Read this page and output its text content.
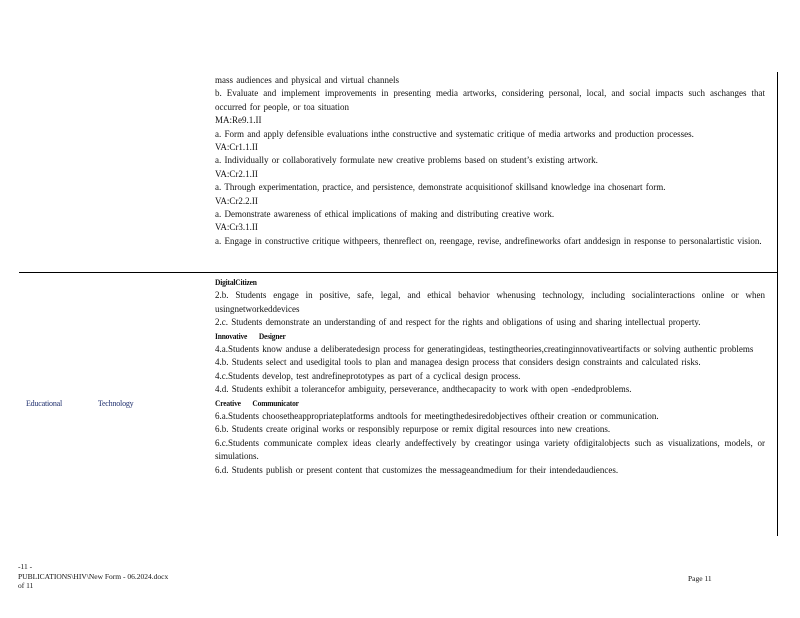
mass audiences and physical and virtual channels

b. Evaluate and implement improvements in presenting media artworks, considering personal, local, and social impacts such aschanges that occurred for people, or toa situation

MA:Re9.1.II

a. Form and apply defensible evaluations inthe constructive and systematic critique of media artworks and production processes.

VA:Cr1.1.II

a. Individually or collaboratively formulate new creative problems based on student’s existing artwork.

VA:Cr2.1.II

a. Through experimentation, practice, and persistence, demonstrate acquisitionof skillsand knowledge ina chosenart form.

VA:Cr2.2.II

a. Demonstrate awareness of ethical implications of making and distributing creative work.

VA:Cr3.1.II

a. Engage in constructive critique withpeers, thenreflect on, reengage, revise, andrefineworks ofart anddesign in response to personalartistic vision.

Educational	Technology

DigitalCitizen

2.b. Students engage in positive, safe, legal, and ethical behavior whenusing technology, including socialinteractions online or when usingnetworkeddevices

2.c. Students demonstrate an understanding of and respect for the rights and obligations of using and sharing intellectual property.

Innovative Designer

4.a.Students know anduse a deliberatedesign process for generatingideas, testingtheories,creatinginnovativeartifacts or solving authentic problems

4.b. Students select and usedigital tools to plan and managea design process that considers design constraints and calculated risks.

4.c.Students develop, test andrefineprototypes as part of a cyclical design process.

4.d. Students exhibit a tolerancefor ambiguity, perseverance, andthecapacity to work with open -endedproblems.

Creative Communicator

6.a.Students choosetheappropriateplatforms andtools for meetingthedesiredobjectives oftheir creation or communication.

6.b. Students create original works or responsibly repurpose or remix digital resources into new creations.

6.c.Students communicate complex ideas clearly andeffectively by creatingor usinga variety ofdigitalobjects such as visualizations, models, or simulations.

6.d. Students publish or present content that customizes the messageandmedium for their intendedaudiences.

-11 -
PUBLICATIONS\HIV\New Form - 06.2024.docx
of 11
Page 11
